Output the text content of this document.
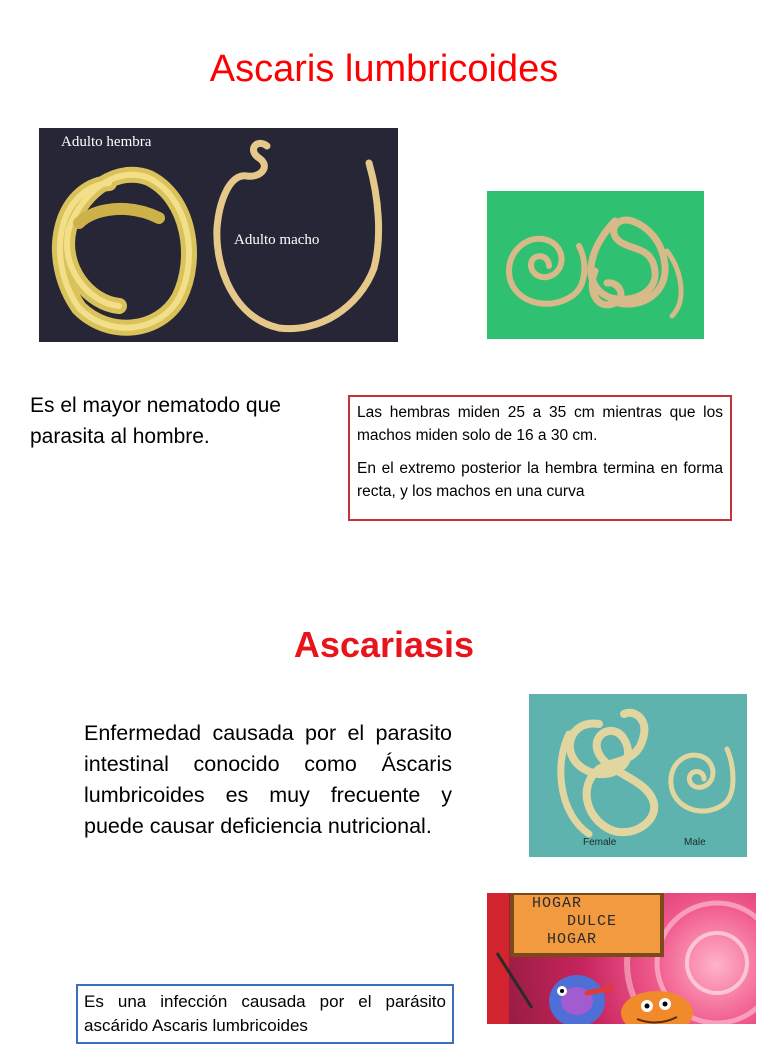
Ascaris lumbricoides
Adulto hembra
Adulto macho
Es el mayor nematodo que parasita al hombre.

Las hembras miden 25 a 35 cm mientras que los machos miden solo de 16 a 30 cm.

En el extremo posterior la hembra termina en forma recta, y los machos en una curva

Ascariasis
Enfermedad causada por el parasito intestinal conocido como Áscaris lumbricoides es muy frecuente y puede causar deficiencia nutricional.
Female	Male
HOGAR
DULCE
HOGAR
Es una infección causada por el parásito ascárido Ascaris lumbricoides
